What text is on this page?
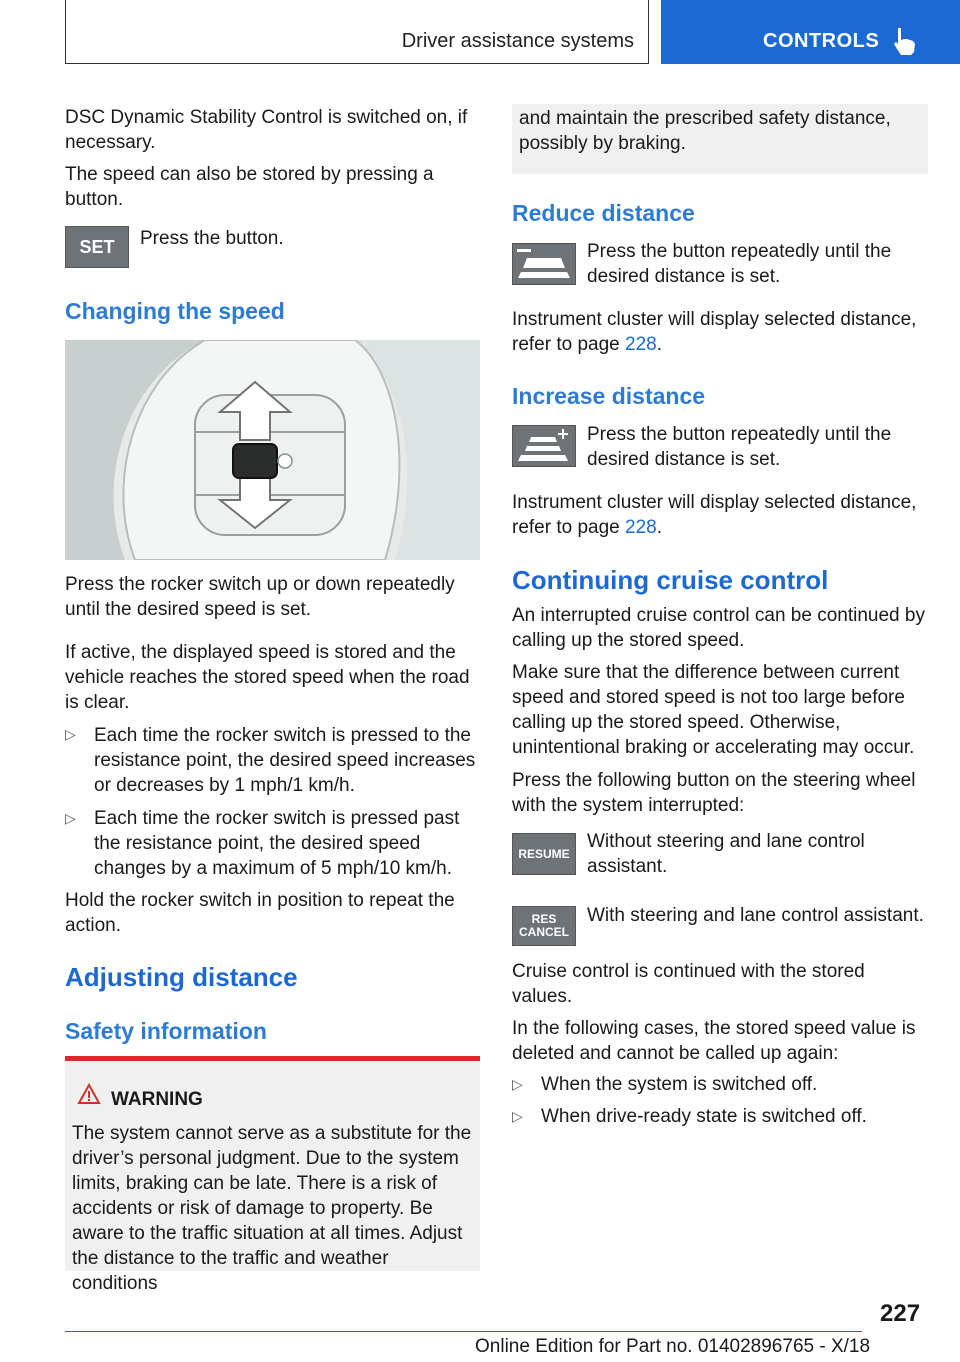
Driver assistance systems	CONTROLS

DSC Dynamic Stability Control is switched on, if necessary.

The speed can also be stored by pressing a button.

SET Press the button.

Changing the speed

Press the rocker switch up or down repeatedly until the desired speed is set.

If active, the displayed speed is stored and the vehicle reaches the stored speed when the road is clear.

▷ Each time the rocker switch is pressed to the resistance point, the desired speed increases or decreases by 1 mph/1 km/h.

▷ Each time the rocker switch is pressed past the resistance point, the desired speed changes by a maximum of 5 mph/10 km/h.

Hold the rocker switch in position to repeat the action.

Adjusting distance
Safety information
WARNING

The system cannot serve as a substitute for the driver’s personal judgment. Due to the system limits, braking can be late. There is a risk of accidents or risk of damage to property. Be aware to the traffic situation at all times. Adjust the distance to the traffic and weather conditions

and maintain the prescribed safety distance, possibly by braking.

Reduce distance

Press the button repeatedly until the desired distance is set.

Instrument cluster will display selected distance, refer to page 228.

Increase distance

Press the button repeatedly until the desired distance is set.

Instrument cluster will display selected distance, refer to page 228.

Continuing cruise control

An interrupted cruise control can be continued by calling up the stored speed.

Make sure that the difference between current speed and stored speed is not too large before calling up the stored speed. Otherwise, unintentional braking or accelerating may occur.

Press the following button on the steering wheel with the system interrupted:

RESUME

Without steering and lane control assistant.

RES
CANCEL

With steering and lane control assistant.

Cruise control is continued with the stored values.

In the following cases, the stored speed value is deleted and cannot be called up again:

▷ When the system is switched off.

▷ When drive-ready state is switched off.

227
Online Edition for Part no. 01402896765 - X/18
